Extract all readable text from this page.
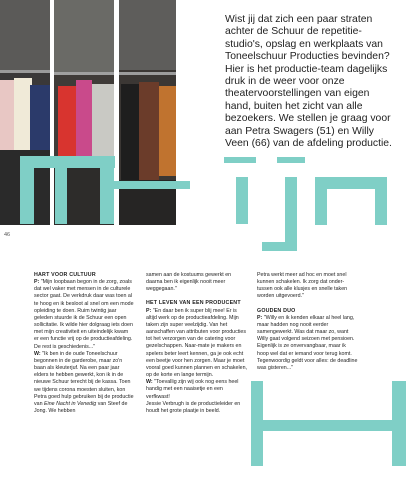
Wist jij dat zich een paar straten achter de Schuur de repetitie-studio's, opslag en werkplaats van Toneelschuur Producties bevinden? Hier is het productie-team dagelijks druk in de weer voor onze theatervoorstellingen van eigen hand, buiten het zicht van alle bezoekers. We stellen je graag voor aan Petra Swagers (51) en Willy Veen (66) van de afdeling productie.
46

HART VOOR CULTUUR

P: "Mijn loopbaan begon in de zorg, zoals dat wel vaker met mensen in de culturele sector gaat. De verkdruk daar was toen al te hoog en ik besloot al snel om een mode opleiding te doen. Ruim twintig jaar geleden stuurde ik de Schuur een open sollicitatie. Ik wilde hier dolgraag iets doen met mijn creativiteit en uiteindelijk kwam er een functie vrij op de productieafdeling. De rest is geschiedenis..."

W: "Ik ben in de oude Toneelschuur begonnen in de garderobe, maar zo'n baan als kleuterjuf. Na een paar jaar elders te hebben gewerkt, kon ik in de nieuwe Schuur terecht bij de kassa. Toen we tijdens corona moesten sluiten, kon Petra goed hulp gebruiken bij de productie van Eine Nacht in Venedig van Steef de Jong. We hebben

samen aan de kostuums gewerkt en daarna ben ik eigenlijk nooit meer weggegaan."

HET LEVEN VAN EEN PRODUCENT

P: "En daar ben ik super blij mee! Er is altijd werk op de productieafdeling. Mijn taken zijn super veelzijdig. Van het aanschaffen van attributen voor producties tot het verzorgen van de catering voor gezelschappen. Naar-mate je makers en spelers beter leert kennen, ga je ook echt een beetje voor hen zorgen. Maar je moet vooral goed kunnen plannen en schakelen, op de korte en lange termijn.

W: "Toevallig zijn wij ook nog eens heel handig met een naaisetje en een verfkwast!

Jessie Verbrugh is de productieleider en houdt het grote plaatje in beeld.

Petra werkt meer ad hoc en moet snel kunnen schakelen. Ik zorg dat onder-tussen ook alle klusjes en snelle taken worden uitgevoerd."

GOUDEN DUO

P: "Willy en ik kenden elkaar al heel lang, maar hadden nog nooit eerder samengewerkt. Was dat maar zo, want Willy gaat volgend seizoen met pensioen. Eigenlijk is ze onvervangbaar, maar ik hoop wel dat er iemand voor terug komt. Tegenwoordig geldt voor alles: de deadline was gisteren..."
